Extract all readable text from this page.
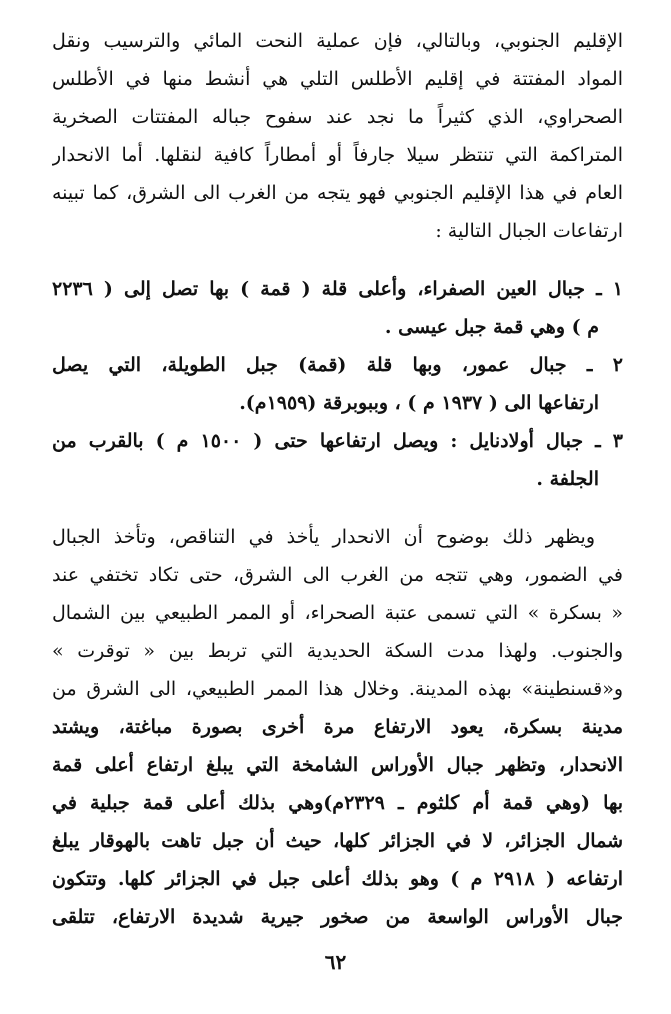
الإقليم الجنوبي، وبالتالي، فإن عملية النحت المائي والترسيب ونقل
المواد المفتتة في إقليم الأطلس التلي هي أنشط منها في الأطلس
الصحراوي، الذي كثيراً ما نجد عند سفوح جباله المفتتات الصخرية
المتراكمة التي تنتظر سيلا جارفاً أو أمطاراً كافية لنقلها. أما الانحدار
العام في هذا الإقليم الجنوبي فهو يتجه من الغرب الى الشرق، كما تبينه
ارتفاعات الجبال التالية :
١ ـ جبال العين الصفراء، وأعلى قلة ( قمة ) بها تصل إلى ( ٢٢٣٦
م ) وهي قمة جبل عيسى .
٢ ـ جبال عمور، وبها قلة (قمة) جبل الطويلة، التي يصل
ارتفاعها الى ( ١٩٣٧ م ) ، وببوبرقة (١٩٥٩م).
٣ ـ جبال أولادنايل : ويصل ارتفاعها حتى ( ١٥٠٠ م ) بالقرب من
الجلفة .
ويظهر ذلك بوضوح أن الانحدار يأخذ في التناقص، وتأخذ الجبال
في الضمور، وهي تتجه من الغرب الى الشرق، حتى تكاد تختفي عند
« بسكرة » التي تسمى عتبة الصحراء، أو الممر الطبيعي بين الشمال
والجنوب. ولهذا مدت السكة الحديدية التي تربط بين « توقرت »
و«قسنطينة» بهذه المدينة. وخلال هذا الممر الطبيعي، الى الشرق من
مدينة بسكرة، يعود الارتفاع مرة أخرى بصورة مباغتة، ويشتد
الانحدار، وتظهر جبال الأوراس الشامخة التي يبلغ ارتفاع أعلى قمة
بها (وهي قمة أم كلثوم ـ ٢٣٢٩م)وهي بذلك أعلى قمة جبلية في
شمال الجزائر، لا في الجزائر كلها، حيث أن جبل تاهت بالهوقار يبلغ
ارتفاعه ( ٢٩١٨ م ) وهو بذلك أعلى جبل في الجزائر كلها. وتتكون
جبال الأوراس الواسعة من صخور جيرية شديدة الارتفاع، تتلقى
٦٢
